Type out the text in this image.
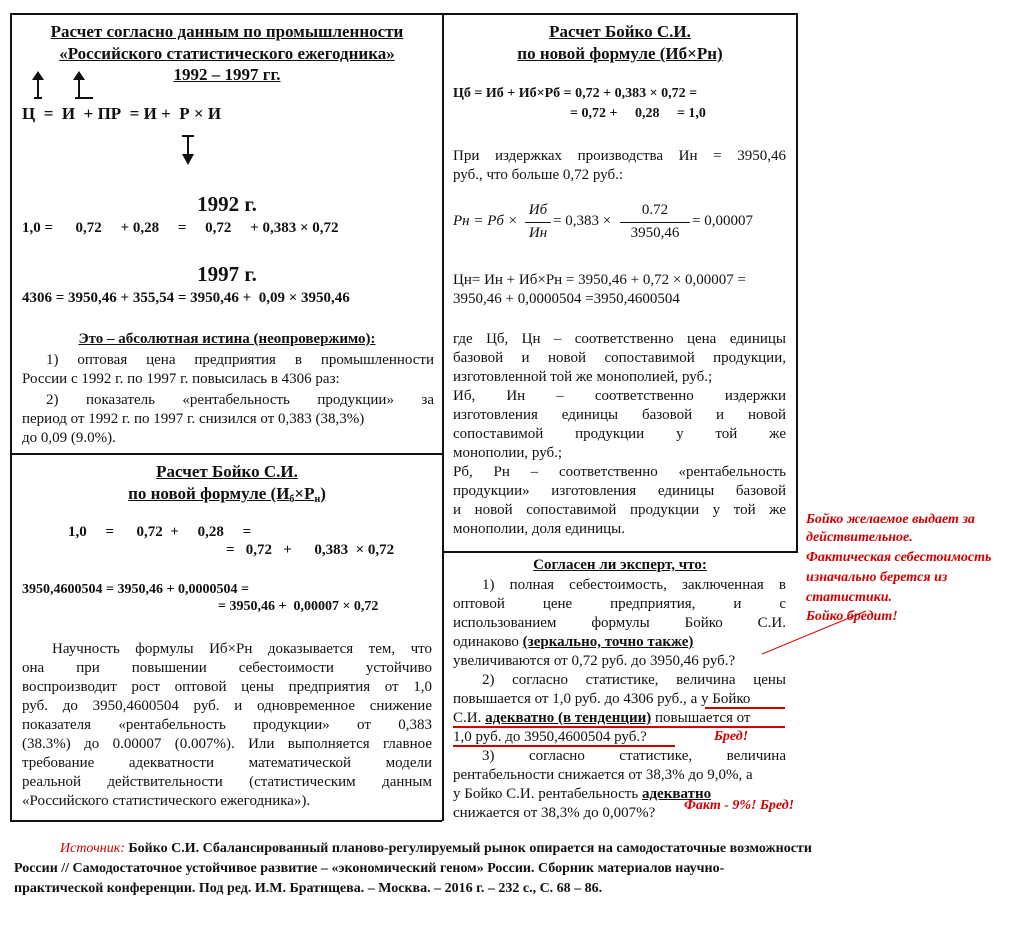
Расчет согласно данным по промышленности
«Российского статистического ежегодника»
1992 – 1997 гг.
Ц  =  И  + ПР  = И +  Р × И
1992 г.
1,0 =      0,72     + 0,28     =     0,72     + 0,383 × 0,72
1997 г.
4306 = 3950,46 + 355,54 = 3950,46 +  0,09 × 3950,46
Это – абсолютная истина (неопровержимо):
1) оптовая цена предприятия в промышленности
России с 1992 г. по 1997 г. повысилась в 4306 раз:
2) показатель «рентабельность продукции» за
период от 1992 г. по 1997 г. снизился от 0,383 (38,3%)
до 0,09 (9.0%).
Расчет Бойко С.И.
по новой формуле $(И_б\times Р_н)$
1,0     =      0,72  +     0,28     =
=   0,72   +      0,383  × 0,72
3950,4600504 = 3950,46 + 0,0000504 =
= 3950,46 +  0,00007 × 0,72
Научность формулы Иб×Рн доказывается тем, что
она при повышении себестоимости устойчиво
воспроизводит рост оптовой цены предприятия от 1,0
руб. до 3950,4600504 руб. и одновременное снижение
показателя «рентабельность продукции» от 0,383
(38.3%) до 0.00007 (0.007%). Или выполняется главное
требование адекватности математической модели
реальной действительности (статистическим данным
«Российского статистического ежегодника»).
Расчет Бойко С.И.
по новой формуле (Иб×Рн)
Цб = Иб + Иб×Рб = 0,72 + 0,383 × 0,72 =
= 0,72 +     0,28     = 1,0
При издержках производства Ин = 3950,46
руб., что больше 0,72 руб.:
Рн = Рб ×
Иб
Ин
= 0,383 ×
0.72
3950,46
= 0,00007
Цн= Ин + Иб×Рн = 3950,46 + 0,72 × 0,00007 =
3950,46 + 0,0000504 =3950,4600504
где Цб, Цн – соответственно цена единицы
базовой и новой сопоставимой продукции,
изготовленной той же монополией, руб.;
Иб, Ин – соответственно издержки
изготовления единицы базовой и новой
сопоставимой продукции у той же
монополии, руб.;
Рб, Рн – соответственно «рентабельность
продукции» изготовления единицы базовой
и новой сопоставимой продукции у той же
монополии, доля единицы.
Согласен ли эксперт, что:
1) полная себестоимость, заключенная в
оптовой цене предприятия, и с
использованием формулы Бойко С.И.
одинаково (зеркально, точно также)
увеличиваются от 0,72 руб. до 3950,46 руб.?
2) согласно статистике, величина цены
повышается от 1,0 руб. до 4306 руб., а у Бойко
С.И. адекватно (в тенденции) повышается от
1,0 руб. до 3950,4600504 руб.?
3) согласно статистике, величина
рентабельности снижается от 38,3% до 9,0%, а
у Бойко С.И. рентабельность адекватно
снижается от 38,3% до 0,007%?
Бойко желаемое выдает за
действительное.
Фактическая себестоимость
изначально берется из
статистики.
Бойко бредит!
Бред!
Факт - 9%! Бред!
Источник: Бойко С.И. Сбалансированный планово-регулируемый рынок опирается на самодостаточные возможности
России // Самодостаточное устойчивое развитие – «экономический геном» России. Сборник материалов научно-
практической конференции. Под ред. И.М. Братищева. – Москва. – 2016 г. – 232 с., С. 68 – 86.
